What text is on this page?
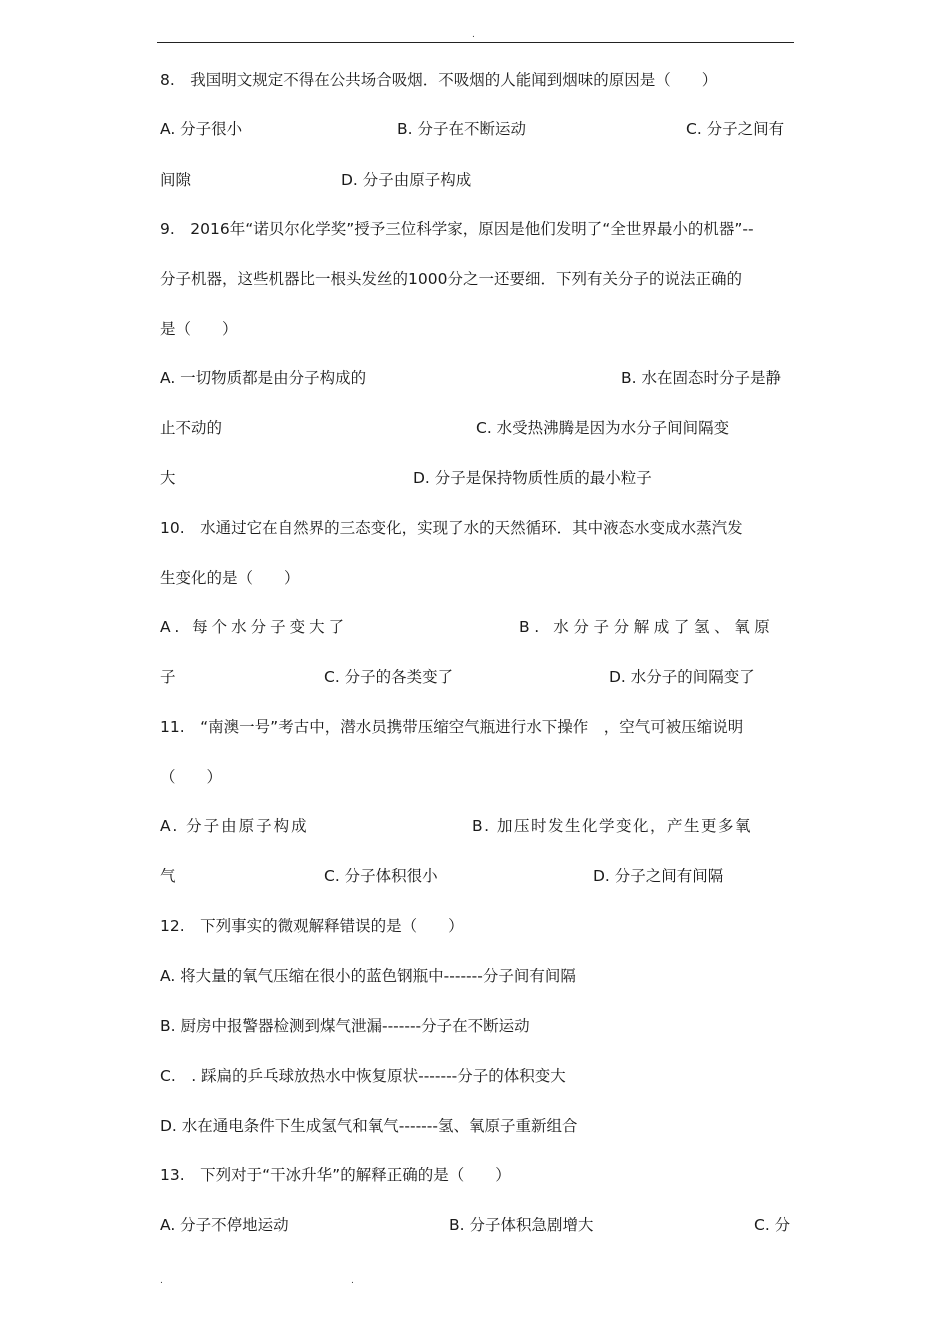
.
8.　我国明文规定不得在公共场合吸烟．不吸烟的人能闻到烟味的原因是（　　）
A. 分子很小	B. 分子在不断运动	C. 分子之间有
间隙	D. 分子由原子构成
9.　2016年“诺贝尔化学奖”授予三位科学家，原因是他们发明了“全世界最小的机器”--
分子机器，这些机器比一根头发丝的1000分之一还要细．下列有关分子的说法正确的
是（　　）
A. 一切物质都是由分子构成的	B. 水在固态时分子是静
止不动的	C. 水受热沸腾是因为水分子间间隔变
大	D. 分子是保持物质性质的最小粒子
10.　水通过它在自然界的三态变化，实现了水的天然循环．其中液态水变成水蒸汽发
生变化的是（　　）
A. 每个水分子变大了	B. 水分子分解成了氢、氧原
子	C. 分子的各类变了	D. 水分子的间隔变了
11.　“南澳一号”考古中，潜水员携带压缩空气瓶进行水下操作　，空气可被压缩说明
（　　）
A. 分子由原子构成	B. 加压时发生化学变化，产生更多氧
气	C. 分子体积很小	D. 分子之间有间隔
12.　下列事实的微观解释错误的是（　　）
A. 将大量的氧气压缩在很小的蓝色钢瓶中-------分子间有间隔
B. 厨房中报警器检测到煤气泄漏-------分子在不断运动
C.　. 踩扁的乒乓球放热水中恢复原状-------分子的体积变大
D. 水在通电条件下生成氢气和氧气-------氢、氧原子重新组合
13.　下列对于“干冰升华”的解释正确的是（　　）
A. 分子不停地运动	B. 分子体积急剧增大	C. 分
.	.
